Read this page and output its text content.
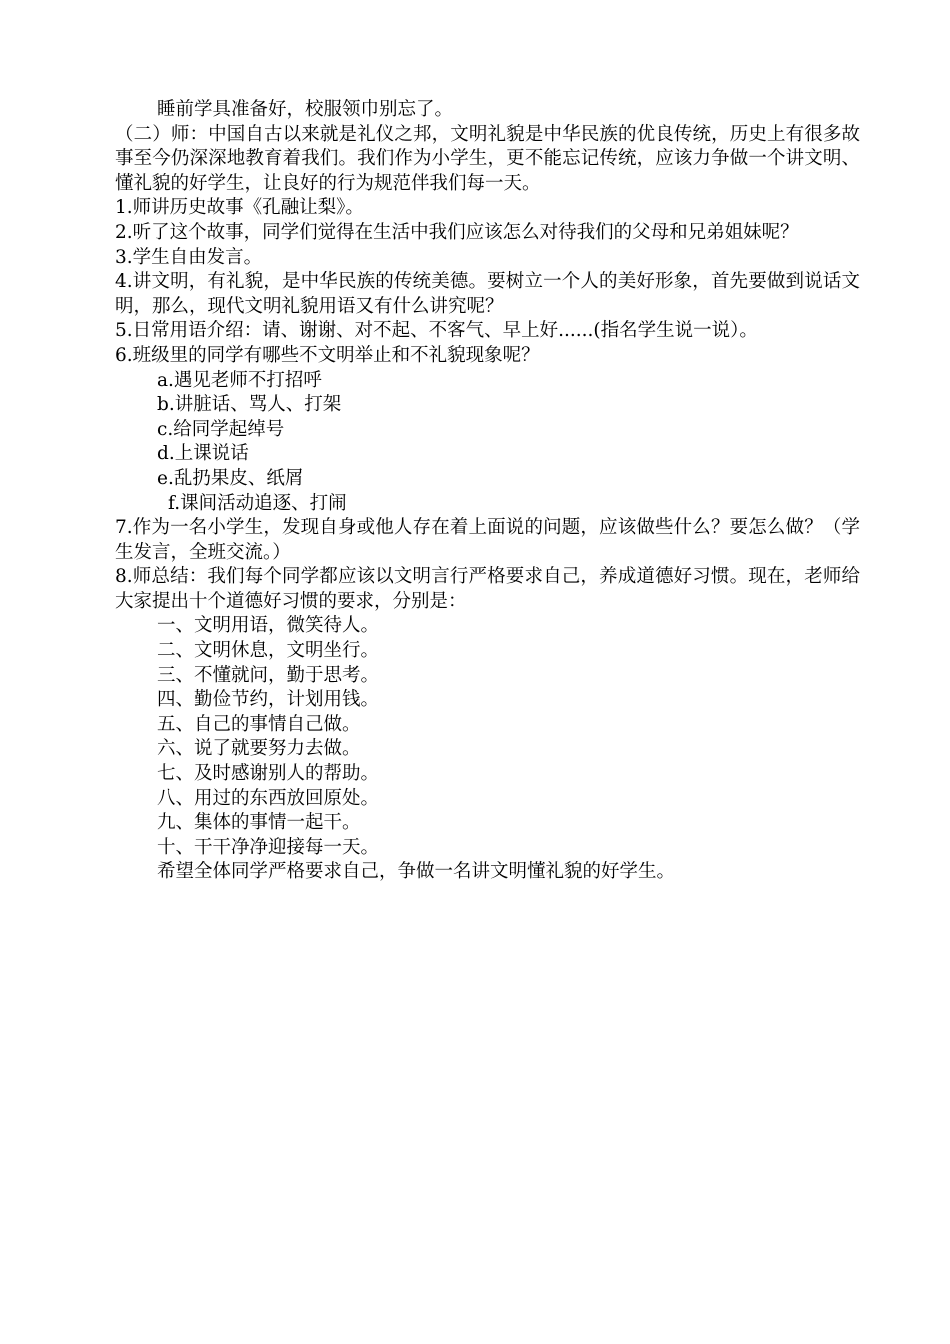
睡前学具准备好，校服领巾别忘了。

（二）师：中国自古以来就是礼仪之邦，文明礼貌是中华民族的优良传统，历史上有很多故事至今仍深深地教育着我们。我们作为小学生，更不能忘记传统，应该力争做一个讲文明、懂礼貌的好学生，让良好的行为规范伴我们每一天。

1.师讲历史故事《孔融让梨》。

2.听了这个故事，同学们觉得在生活中我们应该怎么对待我们的父母和兄弟姐妹呢？

3.学生自由发言。

4.讲文明，有礼貌，是中华民族的传统美德。要树立一个人的美好形象，首先要做到说话文明，那么，现代文明礼貌用语又有什么讲究呢？

5.日常用语介绍：请、谢谢、对不起、不客气、早上好......(指名学生说一说）。

6.班级里的同学有哪些不文明举止和不礼貌现象呢？

a.遇见老师不打招呼

b.讲脏话、骂人、打架

c.给同学起绰号

d.上课说话

e.乱扔果皮、纸屑

f.课间活动追逐、打闹

7.作为一名小学生，发现自身或他人存在着上面说的问题，应该做些什么？要怎么做？（学生发言，全班交流。）

8.师总结：我们每个同学都应该以文明言行严格要求自己，养成道德好习惯。现在，老师给大家提出十个道德好习惯的要求，分别是：

一、文明用语，微笑待人。

二、文明休息，文明坐行。

三、不懂就问，勤于思考。

四、勤俭节约，计划用钱。

五、自己的事情自己做。

六、说了就要努力去做。

七、及时感谢别人的帮助。

八、用过的东西放回原处。

九、集体的事情一起干。

十、干干净净迎接每一天。

希望全体同学严格要求自己，争做一名讲文明懂礼貌的好学生。
